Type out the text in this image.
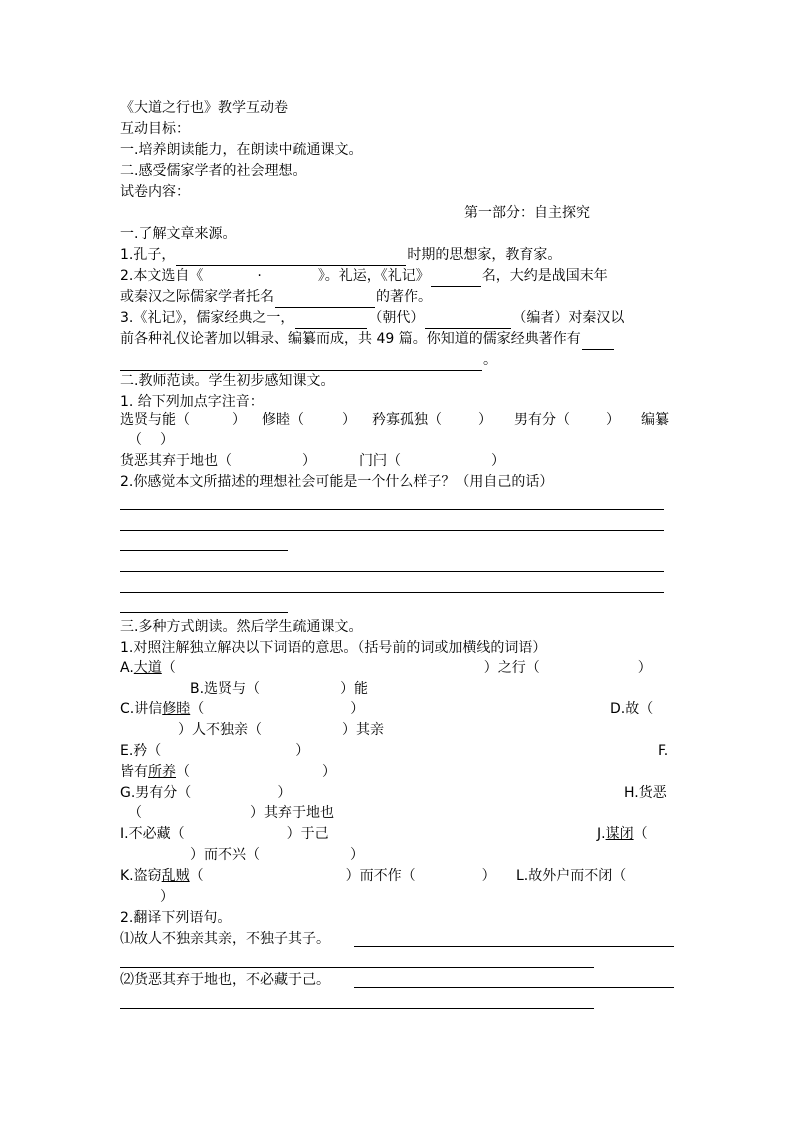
《大道之行也》教学互动卷
互动目标：
一.培养朗读能力，在朗读中疏通课文。
二.感受儒家学者的社会理想。
试卷内容：
第一部分：自主探究
一.了解文章来源。
1.孔子，	时期的思想家，教育家。
2.本文选自《	·	》。礼运，《礼记》	名，大约是战国末年
或秦汉之际儒家学者托名	的著作。
3.《礼记》，儒家经典之一，	（朝代）	（编者）对秦汉以
前各种礼仪论著加以辑录、编纂而成，共 49 篇。你知道的儒家经典著作有
。
二.教师范读。学生初步感知课文。
1. 给下列加点字注音：
选贤与能（	） 修睦（	） 矜寡孤独（	） 男有分（	） 编纂
（ ）
货恶其弃于地也（	）	门闩（	）
2.你感觉本文所描述的理想社会可能是一个什么样子？（用自己的话）
三.多种方式朗读。然后学生疏通课文。
1.对照注解独立解决以下词语的意思。（括号前的词或加横线的词语）
A.大道（	）之行（	）
B.选贤与（	）能
C.讲信修睦（	）	D.故（
）人不独亲（	）其亲
E.矜（	）	F.
皆有所养（	）
G.男有分（	）	H.货恶
（	）其弃于地也
I.不必藏（	）于己	J.谋闭（
）而不兴（	）
K.盗窃乱贼（	）而不作（	） L.故外户而不闭（
）
2.翻译下列语句。
⑴故人不独亲其亲，不独子其子。
⑵货恶其弃于地也，不必藏于己。
